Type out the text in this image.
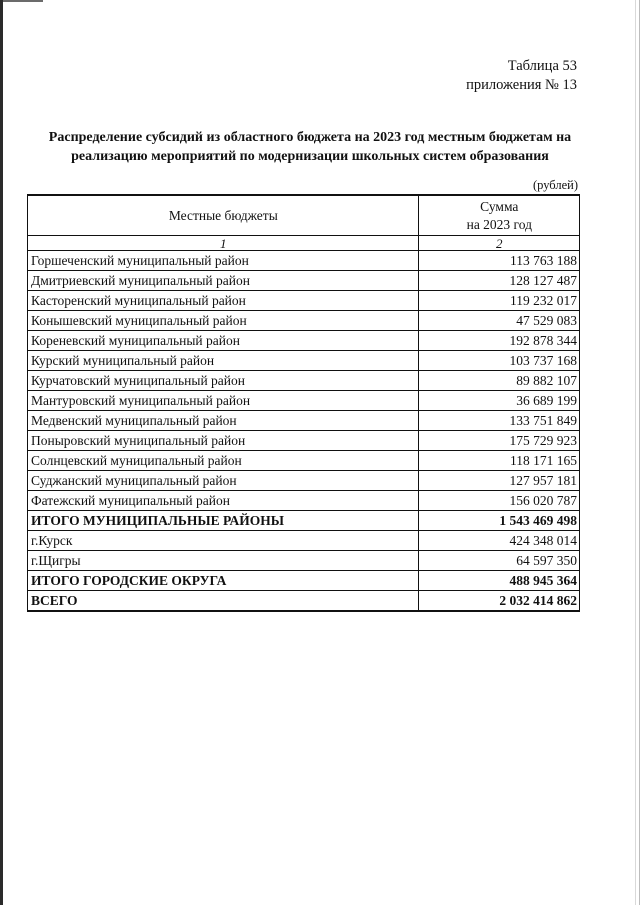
Таблица 53
приложения № 13
Распределение субсидий из областного бюджета на 2023 год местным бюджетам на
реализацию мероприятий по модернизации школьных систем образования
(рублей)
Местные бюджеты	Сумма
на 2023 год

1	2
Горшеченский муниципальный район	113 763 188
Дмитриевский муниципальный район	128 127 487
Касторенский муниципальный район	119 232 017
Конышевский муниципальный район	47 529 083
Кореневский муниципальный район	192 878 344
Курский муниципальный район	103 737 168
Курчатовский муниципальный район	89 882 107
Мантуровский муниципальный район	36 689 199
Медвенский муниципальный район	133 751 849
Поныровский муниципальный район	175 729 923
Солнцевский муниципальный район	118 171 165
Суджанский муниципальный район	127 957 181
Фатежский муниципальный район	156 020 787
ИТОГО МУНИЦИПАЛЬНЫЕ РАЙОНЫ	1 543 469 498
г.Курск	424 348 014
г.Щигры	64 597 350
ИТОГО ГОРОДСКИЕ ОКРУГА	488 945 364
ВСЕГО	2 032 414 862
